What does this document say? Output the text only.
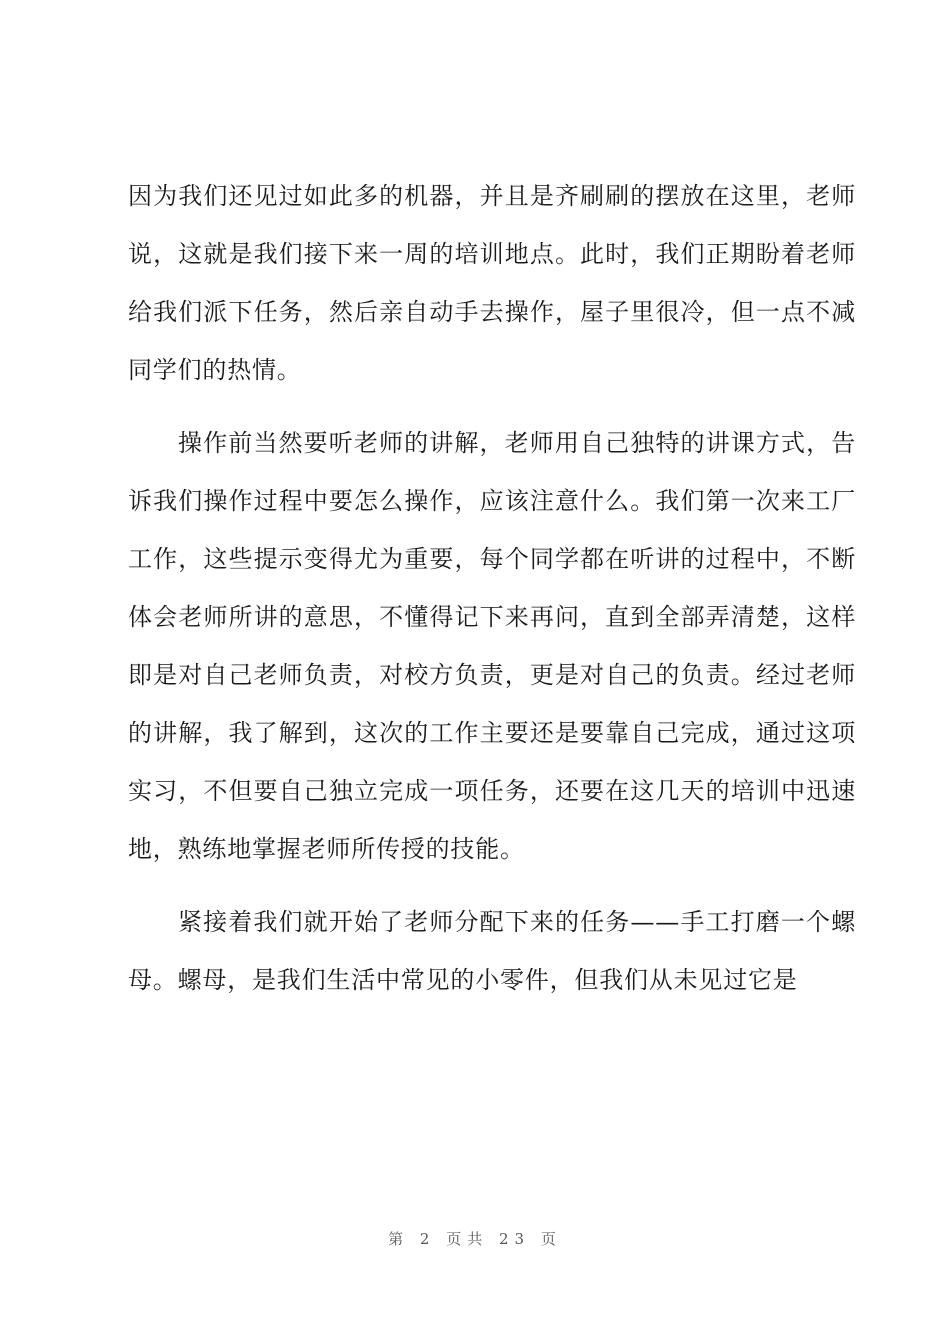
因为我们还见过如此多的机器，并且是齐刷刷的摆放在这里，老师说，这就是我们接下来一周的培训地点。此时，我们正期盼着老师给我们派下任务，然后亲自动手去操作，屋子里很冷，但一点不减同学们的热情。

操作前当然要听老师的讲解，老师用自己独特的讲课方式，告诉我们操作过程中要怎么操作，应该注意什么。我们第一次来工厂工作，这些提示变得尤为重要，每个同学都在听讲的过程中，不断体会老师所讲的意思，不懂得记下来再问，直到全部弄清楚，这样即是对自己老师负责，对校方负责，更是对自己的负责。经过老师的讲解，我了解到，这次的工作主要还是要靠自己完成，通过这项实习，不但要自己独立完成一项任务，还要在这几天的培训中迅速地，熟练地掌握老师所传授的技能。

紧接着我们就开始了老师分配下来的任务——手工打磨一个螺母。螺母，是我们生活中常见的小零件，但我们从未见过它是

第 2 页共 23 页
